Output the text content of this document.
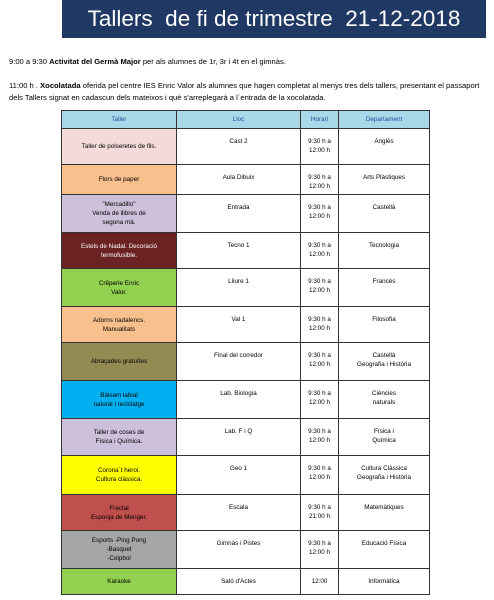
Tallers  de fi de trimestre  21-12-2018
9:00 a 9:30 Activitat del Germà Major per als alumnes de 1r, 3r i 4t en el gimnàs.
11:00 h . Xocolatada oferida pel centre IES Enric Valor als alumnes que hagen completat al menys tres dels tallers, presentant el passaport dels Tallers signat en cadascun dels mateixos i què s'arreplegarà a l´entrada de la xocolatada.
Taller	Lloc	Horari	Departament

Taller de polseretes de fils.	Cast 2	9:30 h a
12:00 h	Anglès

Flors de paper	Aula Dibuix	9:30 h a
12:00 h	Arts Plàstiques

"Mercadillo"
Venda de llibres de
segona mà.	Entrada	9:30 h a
12:00 h	Castellà

Estels de Nadal. Decoració
termofusible.	Tecno 1	9:30 h a
12:00 h	Tecnologia

Crêperie Enric
Valor.	Lliure 1	9:30 h a
12:00 h	Francès

Adorns nadalencs.
Manualitats	Val 1	9:30 h a
12:00 h	Filosofia

Abraçades gratuïtes	Final del corredor	9:30 h a
12:00 h	Castellà
Geografia i Història

Bàlsam labial
natural i reciclatge	Lab. Biologia	9:30 h a
12:00 h	Ciències
naturals

Taller de coses de
Física i Química.	Lab. F i Q	9:30 h a
12:00 h	Física i
Química

Corona´t heroi.
Cultura clàssica.	Geo 1	9:30 h a
12:00 h	Cultura Clàssica
Geografia i Història

Fractal
Esponja de Menger.	Escala	9:30 h a
21:00 h	Matemàtiques

Esports -Ping Pong
-Basquet
-Colpbol	Gimnàs i Pistes	9:30 h a
12:00 h	Educació Física

Karaoke	Saló d'Actes	12:00	Informàtica
